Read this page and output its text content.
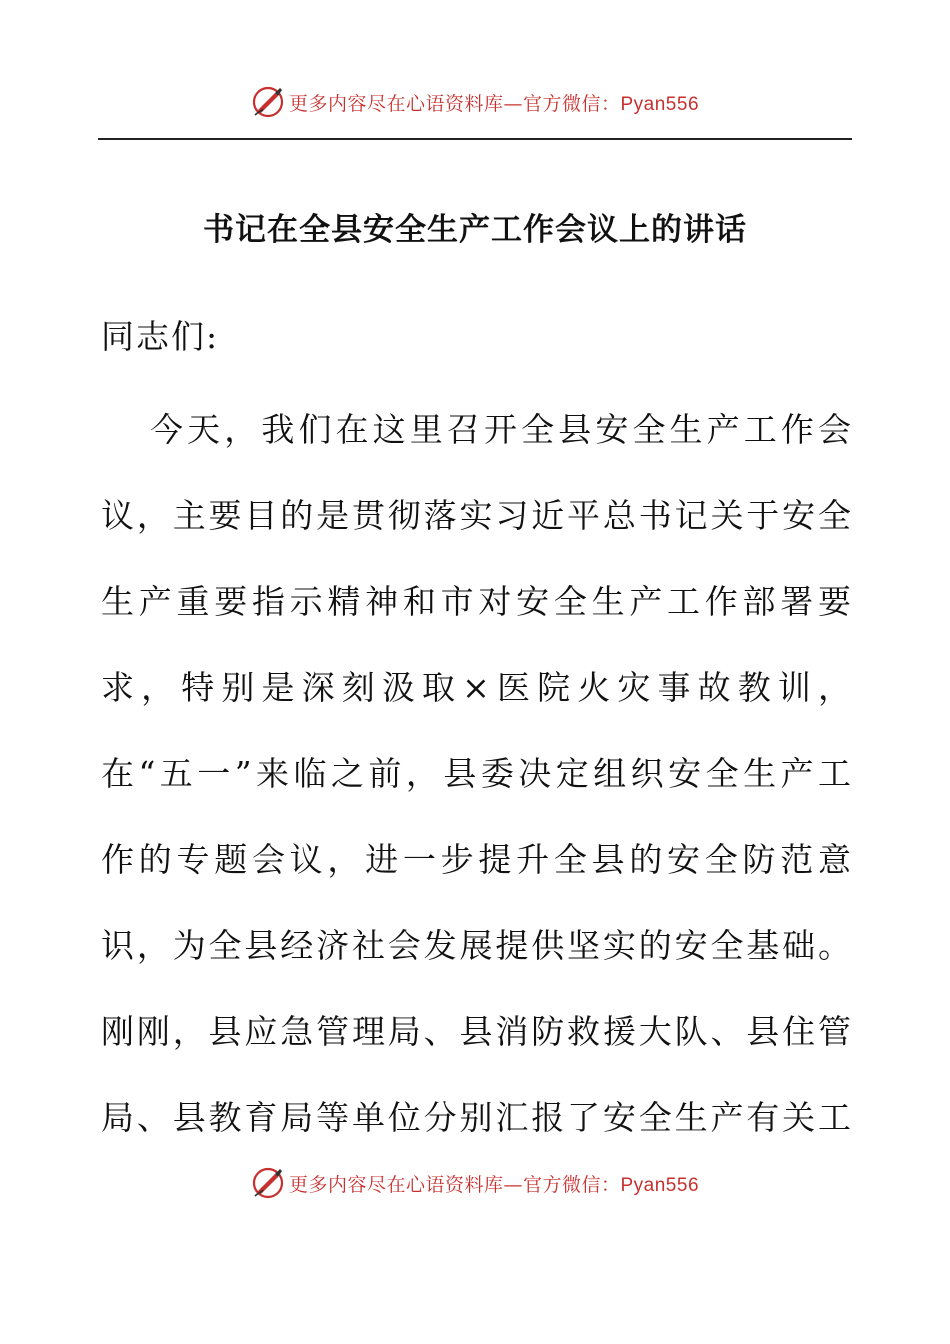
更多内容尽在心语资料库—官方微信：Pyan556
书记在全县安全生产工作会议上的讲话
同志们:
今天，我们在这里召开全县安全生产工作会
议，主要目的是贯彻落实习近平总书记关于安全
生产重要指示精神和市对安全生产工作部署要
求，特别是深刻汲取×医院火灾事故教训，
在“五一”来临之前，县委决定组织安全生产工
作的专题会议，进一步提升全县的安全防范意
识，为全县经济社会发展提供坚实的安全基础。
刚刚，县应急管理局、县消防救援大队、县住管
局、县教育局等单位分别汇报了安全生产有关工
更多内容尽在心语资料库—官方微信：Pyan556
